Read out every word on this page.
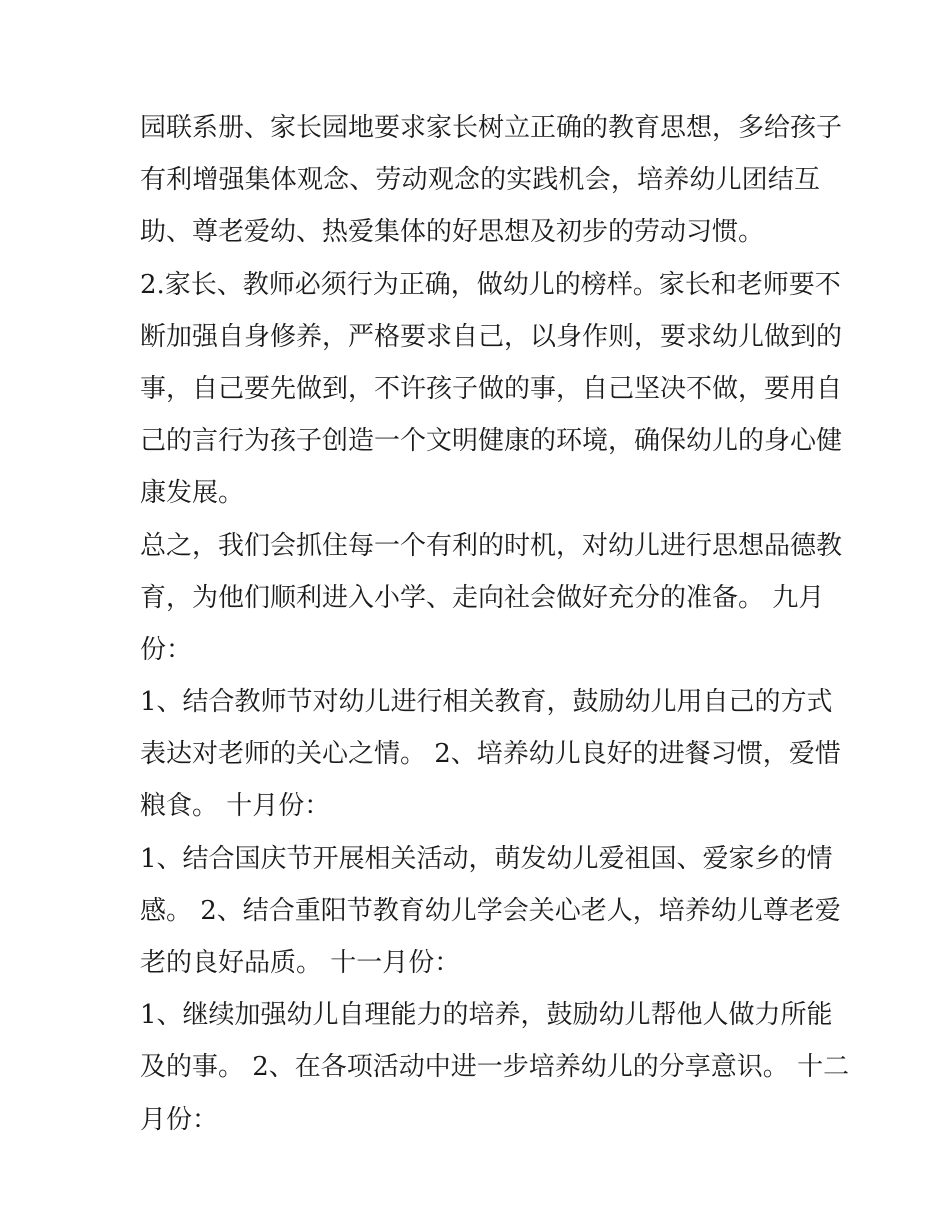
园联系册、家长园地要求家长树立正确的教育思想，多给孩子
有利增强集体观念、劳动观念的实践机会，培养幼儿团结互
助、尊老爱幼、热爱集体的好思想及初步的劳动习惯。
2.家长、教师必须行为正确，做幼儿的榜样。家长和老师要不
断加强自身修养，严格要求自己，以身作则，要求幼儿做到的
事，自己要先做到，不许孩子做的事，自己坚决不做，要用自
己的言行为孩子创造一个文明健康的环境，确保幼儿的身心健
康发展。
总之，我们会抓住每一个有利的时机，对幼儿进行思想品德教
育，为他们顺利进入小学、走向社会做好充分的准备。 九月
份：
1、结合教师节对幼儿进行相关教育，鼓励幼儿用自己的方式
表达对老师的关心之情。 2、培养幼儿良好的进餐习惯，爱惜
粮食。 十月份：
1、结合国庆节开展相关活动，萌发幼儿爱祖国、爱家乡的情
感。 2、结合重阳节教育幼儿学会关心老人，培养幼儿尊老爱
老的良好品质。 十一月份：
1、继续加强幼儿自理能力的培养，鼓励幼儿帮他人做力所能
及的事。 2、在各项活动中进一步培养幼儿的分享意识。 十二
月份：
